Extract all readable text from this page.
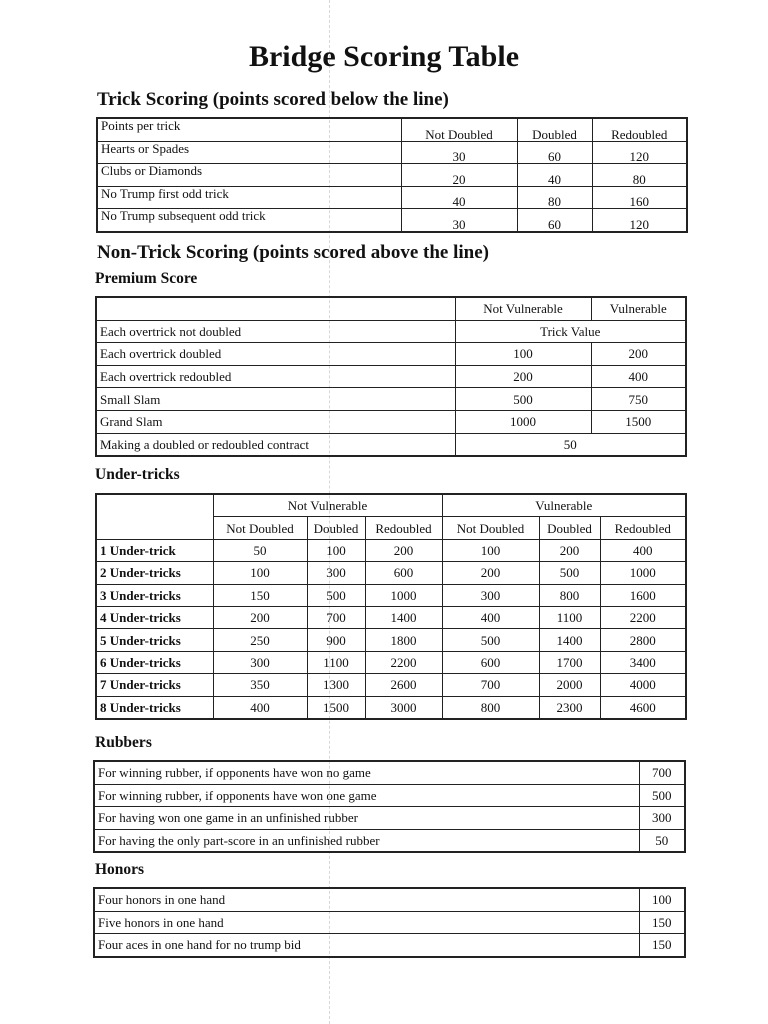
Bridge Scoring Table
Trick Scoring (points scored below the line)
Points per trick	Not Doubled	Doubled	Redoubled
Hearts or Spades	30	60	120
Clubs or Diamonds	20	40	80
No Trump first odd trick	40	80	160
No Trump subsequent odd trick	30	60	120
Non-Trick Scoring (points scored above the line)
Premium Score
	Not Vulnerable	Vulnerable
Each overtrick not doubled	Trick Value	
Each overtrick doubled	100	200
Each overtrick redoubled	200	400
Small Slam	500	750
Grand Slam	1000	1500
Making a doubled or redoubled contract	50	
Under-tricks
	Not Vulnerable			Vulnerable		
	Not Doubled	Doubled	Redoubled	Not Doubled	Doubled	Redoubled
1 Under-trick	50	100	200	100	200	400
2 Under-tricks	100	300	600	200	500	1000
3 Under-tricks	150	500	1000	300	800	1600
4 Under-tricks	200	700	1400	400	1100	2200
5 Under-tricks	250	900	1800	500	1400	2800
6 Under-tricks	300	1100	2200	600	1700	3400
7 Under-tricks	350	1300	2600	700	2000	4000
8 Under-tricks	400	1500	3000	800	2300	4600
Rubbers
For winning rubber, if opponents have won no game	700
For winning rubber, if opponents have won one game	500
For having won one game in an unfinished rubber	300
For having the only part-score in an unfinished rubber	50
Honors
Four honors in one hand	100
Five honors in one hand	150
Four aces in one hand for no trump bid	150
